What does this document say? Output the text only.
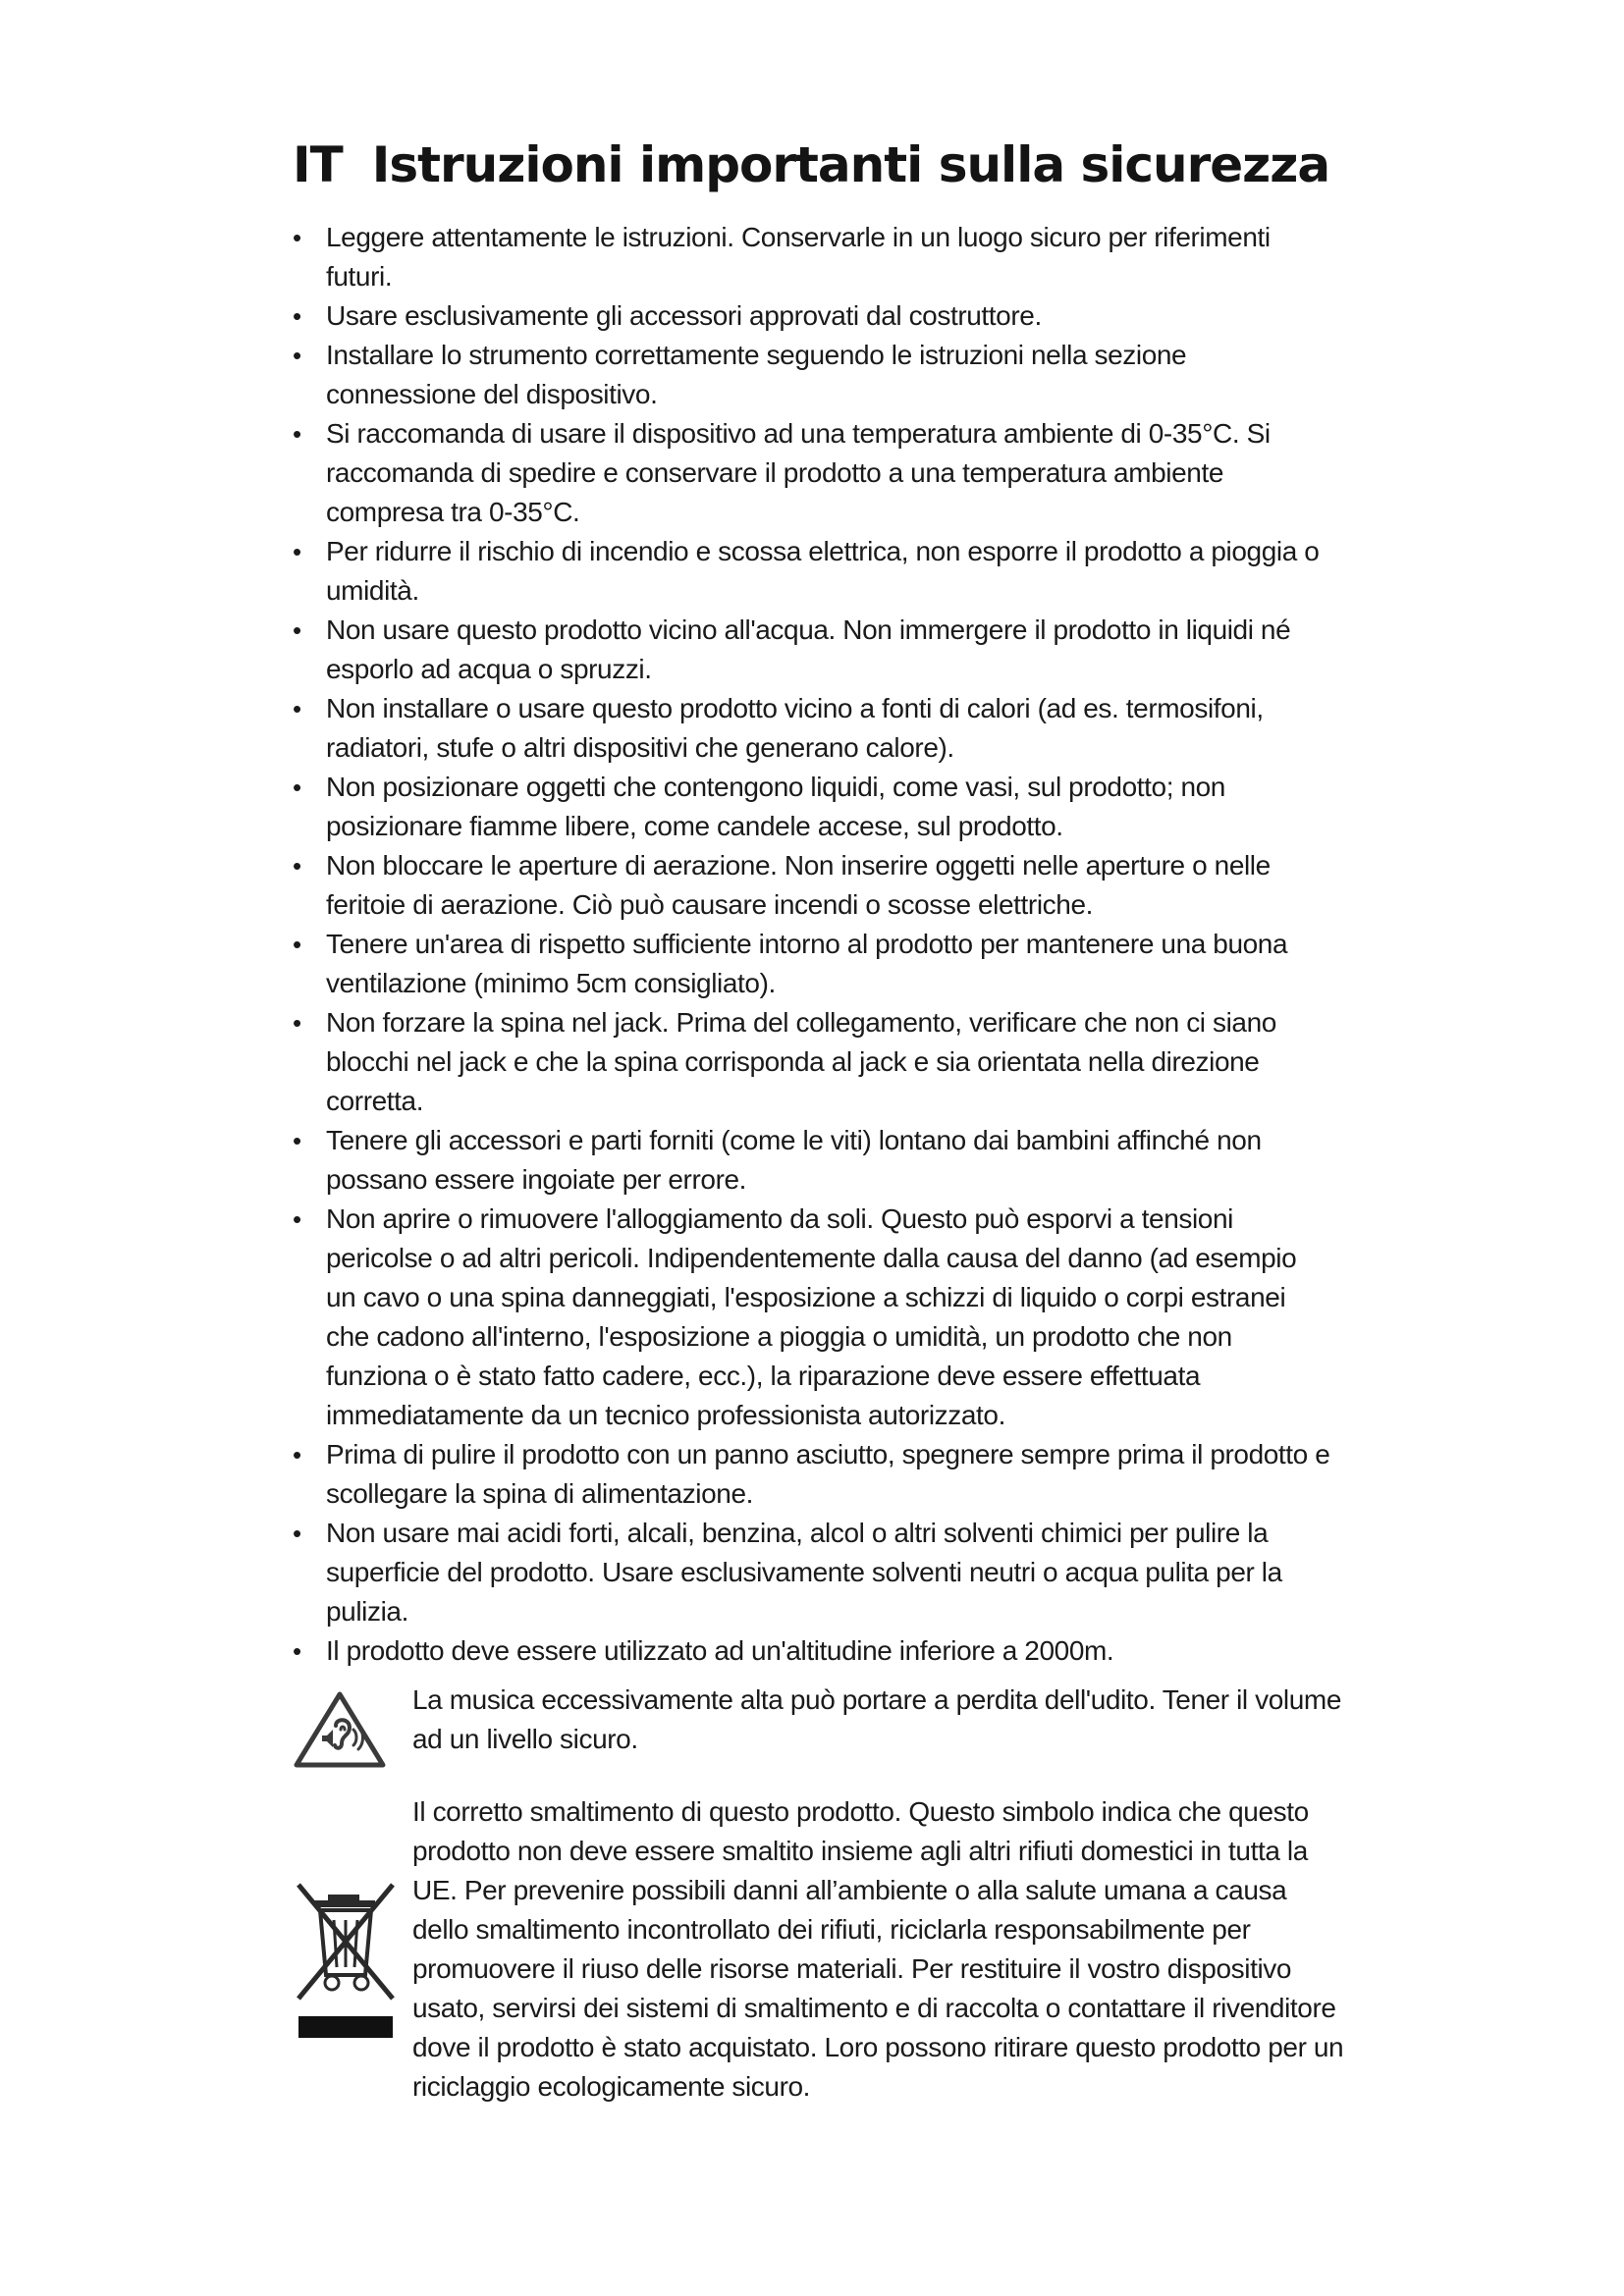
IT Istruzioni importanti sulla sicurezza
• Leggere attentamente le istruzioni. Conservarle in un luogo sicuro per riferimenti futuri.
• Usare esclusivamente gli accessori approvati dal costruttore.
• Installare lo strumento correttamente seguendo le istruzioni nella sezione connessione del dispositivo.
• Si raccomanda di usare il dispositivo ad una temperatura ambiente di 0-35°C. Si raccomanda di spedire e conservare il prodotto a una temperatura ambiente compresa tra 0-35°C.
• Per ridurre il rischio di incendio e scossa elettrica, non esporre il prodotto a pioggia o umidità.
• Non usare questo prodotto vicino all'acqua. Non immergere il prodotto in liquidi né esporlo ad acqua o spruzzi.
• Non installare o usare questo prodotto vicino a fonti di calori (ad es. termosifoni, radiatori, stufe o altri dispositivi che generano calore).
• Non posizionare oggetti che contengono liquidi, come vasi, sul prodotto; non posizionare fiamme libere, come candele accese, sul prodotto.
• Non bloccare le aperture di aerazione. Non inserire oggetti nelle aperture o nelle feritoie di aerazione. Ciò può causare incendi o scosse elettriche.
• Tenere un'area di rispetto sufficiente intorno al prodotto per mantenere una buona ventilazione (minimo 5cm consigliato).
• Non forzare la spina nel jack. Prima del collegamento, verificare che non ci siano blocchi nel jack e che la spina corrisponda al jack e sia orientata nella direzione corretta.
• Tenere gli accessori e parti forniti (come le viti) lontano dai bambini affinché non possano essere ingoiate per errore.
• Non aprire o rimuovere l'alloggiamento da soli. Questo può esporvi a tensioni pericolse o ad altri pericoli. Indipendentemente dalla causa del danno (ad esempio un cavo o una spina danneggiati, l'esposizione a schizzi di liquido o corpi estranei che cadono all'interno, l'esposizione a pioggia o umidità, un prodotto che non funziona o è stato fatto cadere, ecc.), la riparazione deve essere effettuata immediatamente da un tecnico professionista autorizzato.
• Prima di pulire il prodotto con un panno asciutto, spegnere sempre prima il prodotto e scollegare la spina di alimentazione.
• Non usare mai acidi forti, alcali, benzina, alcol o altri solventi chimici per pulire la superficie del prodotto. Usare esclusivamente solventi neutri o acqua pulita per la pulizia.
• Il prodotto deve essere utilizzato ad un'altitudine inferiore a 2000m.

La musica eccessivamente alta può portare a perdita dell'udito. Tener il volume ad un livello sicuro.

Il corretto smaltimento di questo prodotto. Questo simbolo indica che questo prodotto non deve essere smaltito insieme agli altri rifiuti domestici in tutta la UE. Per prevenire possibili danni all’ambiente o alla salute umana a causa dello smaltimento incontrollato dei rifiuti, riciclarla responsabilmente per promuovere il riuso delle risorse materiali. Per restituire il vostro dispositivo usato, servirsi dei sistemi di smaltimento e di raccolta o contattare il rivenditore dove il prodotto è stato acquistato. Loro possono ritirare questo prodotto per un riciclaggio ecologicamente sicuro.
